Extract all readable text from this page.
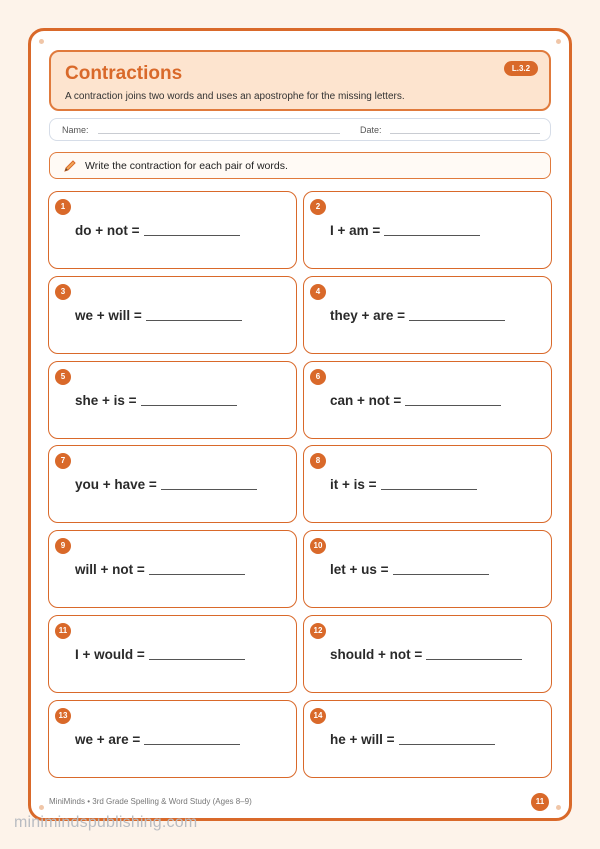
Contractions
A contraction joins two words and uses an apostrophe for the missing letters.
L.3.2
Name:	Date:
Write the contraction for each pair of words.
1
do + not =
2
I + am =
3
we + will =
4
they + are =
5
she + is =
6
can + not =
7
you + have =
8
it + is =
9
will + not =
10
let + us =
11
I + would =
12
should + not =
13
we + are =
14
he + will =
MiniMinds • 3rd Grade Spelling & Word Study (Ages 8–9)	11
minimindspublishing.com
